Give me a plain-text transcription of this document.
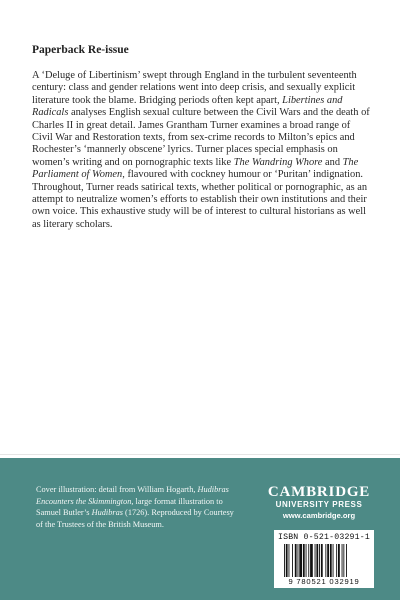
Paperback Re-issue
A ‘Deluge of Libertinism’ swept through England in the turbulent seventeenth century: class and gender relations went into deep crisis, and sexually explicit literature took the blame. Bridging periods often kept apart, Libertines and Radicals analyses English sexual culture between the Civil Wars and the death of Charles II in great detail. James Grantham Turner examines a broad range of Civil War and Restoration texts, from sex-crime records to Milton’s epics and Rochester’s ‘mannerly obscene’ lyrics. Turner places special emphasis on women’s writing and on pornographic texts like The Wandring Whore and The Parliament of Women, flavoured with cockney humour or ‘Puritan’ indignation. Throughout, Turner reads satirical texts, whether political or pornographic, as an attempt to neutralize women’s efforts to establish their own institutions and their own voice. This exhaustive study will be of interest to cultural historians as well as literary scholars.
Cover illustration: detail from William Hogarth, Hudibras Encounters the Skimmington, large format illustration to Samuel Butler’s Hudibras (1726). Reproduced by Courtesy of the Trustees of the British Museum.
CAMBRIDGE
UNIVERSITY PRESS
www.cambridge.org
ISBN 0-521-03291-1
9 780521 032919
